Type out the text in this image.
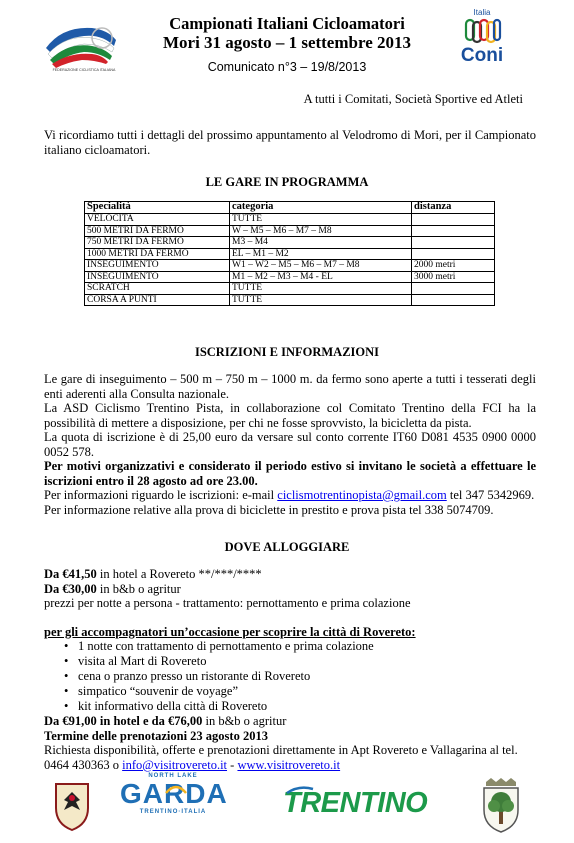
FEDERAZIONE CICLISTICA ITALIANA
Campionati Italiani Cicloamatori
Mori 31 agosto – 1 settembre 2013
Comunicato n°3 – 19/8/2013
Italia
Coni
A tutti i Comitati, Società Sportive ed Atleti
Vi ricordiamo tutti i dettagli del prossimo appuntamento al Velodromo di Mori, per il Campionato italiano cicloamatori.
LE GARE IN PROGRAMMA
Specialità	categoria	distanza
VELOCITA	TUTTE	
500 METRI DA FERMO	W – M5 – M6 – M7 – M8	
750 METRI DA FERMO	M3 – M4	
1000 METRI DA FERMO	EL – M1 – M2	
INSEGUIMENTO	W1 – W2 – M5 – M6 – M7 – M8	2000 metri
INSEGUIMENTO	M1 – M2 – M3 – M4 - EL	3000 metri
SCRATCH	TUTTE	
CORSA A PUNTI	TUTTE	
ISCRIZIONI E INFORMAZIONI
Le gare di inseguimento – 500 m – 750 m – 1000 m. da fermo sono aperte a tutti i tesserati degli enti aderenti alla Consulta nazionale.
La ASD Ciclismo Trentino Pista, in collaborazione col Comitato Trentino della FCI ha la possibilità di mettere a disposizione, per chi ne fosse sprovvisto, la bicicletta da pista.
La quota di iscrizione è di 25,00 euro da versare sul conto corrente IT60 D081 4535 0900 0000 0052 578.
Per motivi organizzativi e considerato il periodo estivo si invitano le società a effettuare le iscrizioni entro il 28 agosto ad ore 23.00.
Per informazioni riguardo le iscrizioni: e-mail ciclismotrentinopista@gmail.com tel 347 5342969.
Per informazione relative alla prova di biciclette in prestito e prova pista tel 338 5074709.
DOVE ALLOGGIARE
Da €41,50 in hotel a Rovereto **/***/****
Da €30,00 in b&b o agritur
prezzi per notte a persona - trattamento: pernottamento e prima colazione
per gli accompagnatori un’occasione per scoprire la città di Rovereto:
• 1 notte con trattamento di pernottamento e prima colazione
• visita al Mart di Rovereto
• cena o pranzo presso un ristorante di Rovereto
• simpatico “souvenir de voyage”
• kit informativo della città di Rovereto
Da €91,00 in hotel e da €76,00 in b&b o agritur
Termine delle prenotazioni 23 agosto 2013
Richiesta disponibilità, offerte e prenotazioni direttamente in Apt Rovereto e Vallagarina al tel. 0464 430363 o info@visitrovereto.it - www.visitrovereto.it
NORTH LAKE
GARDA
TRENTINO·ITALIA	TRENTINO
